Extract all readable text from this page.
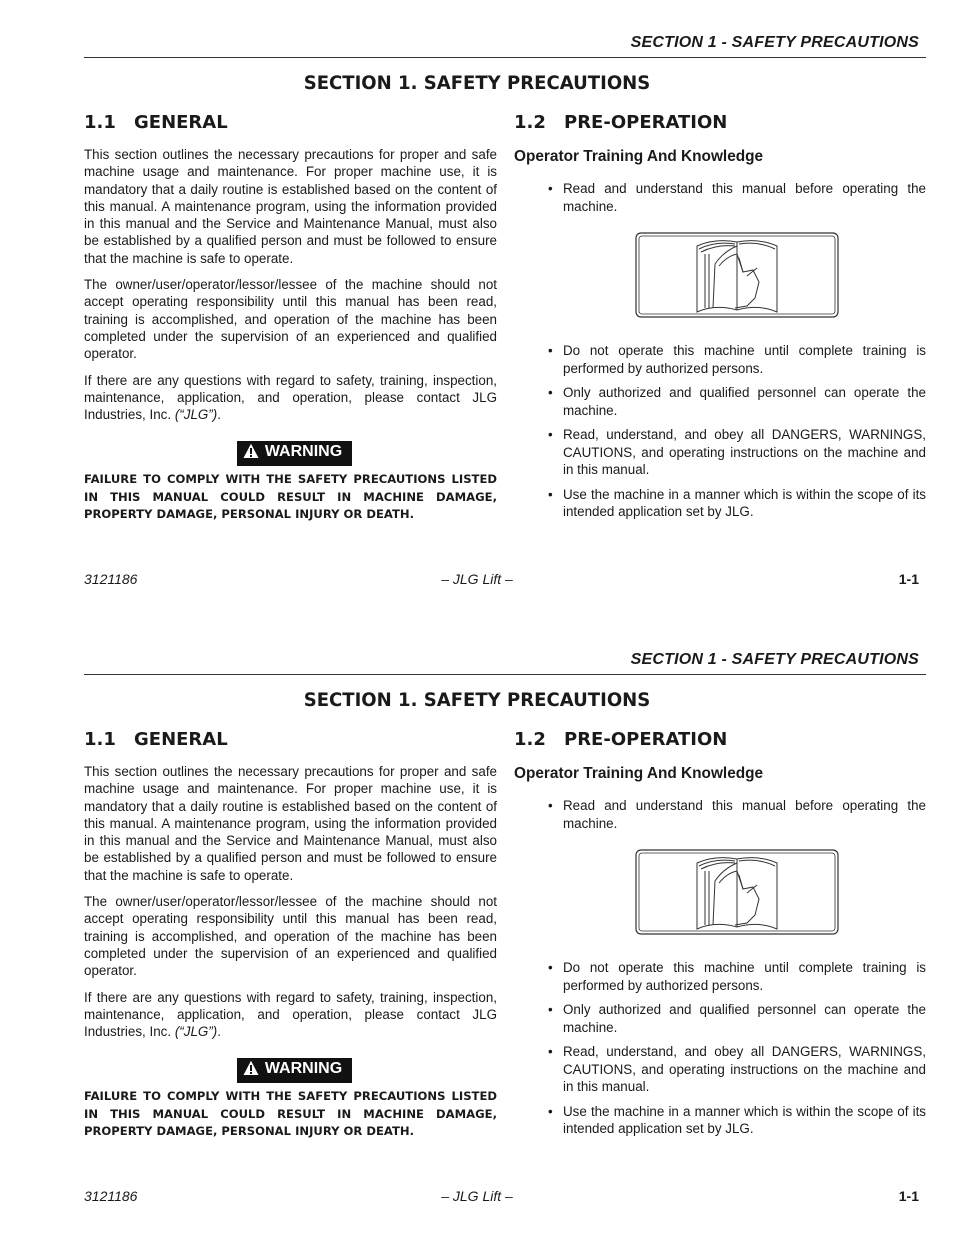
SECTION 1 - SAFETY PRECAUTIONS
SECTION 1. SAFETY PRECAUTIONS
1.1 GENERAL	1.2 PRE-OPERATION

This section outlines the necessary precautions for proper and safe machine usage and maintenance. For proper machine use, it is mandatory that a daily routine is established based on the content of this manual. A maintenance program, using the information provided in this manual and the Service and Maintenance Manual, must also be established by a qualified person and must be followed to ensure that the machine is safe to operate.

The owner/user/operator/lessor/lessee of the machine should not accept operating responsibility until this manual has been read, training is accomplished, and operation of the machine has been completed under the supervision of an experienced and qualified operator.

If there are any questions with regard to safety, training, inspection, maintenance, application, and operation, please contact JLG Industries, Inc. (“JLG”).

WARNING
FAILURE TO COMPLY WITH THE SAFETY PRECAUTIONS LISTED IN THIS MANUAL COULD RESULT IN MACHINE DAMAGE, PROPERTY DAMAGE, PERSONAL INJURY OR DEATH.
Operator Training And Knowledge
• Read and understand this manual before operating the machine.
• Do not operate this machine until complete training is performed by authorized persons.
• Only authorized and qualified personnel can operate the machine.
• Read, understand, and obey all DANGERS, WARNINGS, CAUTIONS, and operating instructions on the machine and in this manual.
• Use the machine in a manner which is within the scope of its intended application set by JLG.
3121186	– JLG Lift –	1-1
SECTION 1 - SAFETY PRECAUTIONS
SECTION 1. SAFETY PRECAUTIONS
1.1 GENERAL	1.2 PRE-OPERATION

This section outlines the necessary precautions for proper and safe machine usage and maintenance. For proper machine use, it is mandatory that a daily routine is established based on the content of this manual. A maintenance program, using the information provided in this manual and the Service and Maintenance Manual, must also be established by a qualified person and must be followed to ensure that the machine is safe to operate.

The owner/user/operator/lessor/lessee of the machine should not accept operating responsibility until this manual has been read, training is accomplished, and operation of the machine has been completed under the supervision of an experienced and qualified operator.

If there are any questions with regard to safety, training, inspection, maintenance, application, and operation, please contact JLG Industries, Inc. (“JLG”).

WARNING
FAILURE TO COMPLY WITH THE SAFETY PRECAUTIONS LISTED IN THIS MANUAL COULD RESULT IN MACHINE DAMAGE, PROPERTY DAMAGE, PERSONAL INJURY OR DEATH.
Operator Training And Knowledge
• Read and understand this manual before operating the machine.
• Do not operate this machine until complete training is performed by authorized persons.
• Only authorized and qualified personnel can operate the machine.
• Read, understand, and obey all DANGERS, WARNINGS, CAUTIONS, and operating instructions on the machine and in this manual.
• Use the machine in a manner which is within the scope of its intended application set by JLG.
3121186	– JLG Lift –	1-1
